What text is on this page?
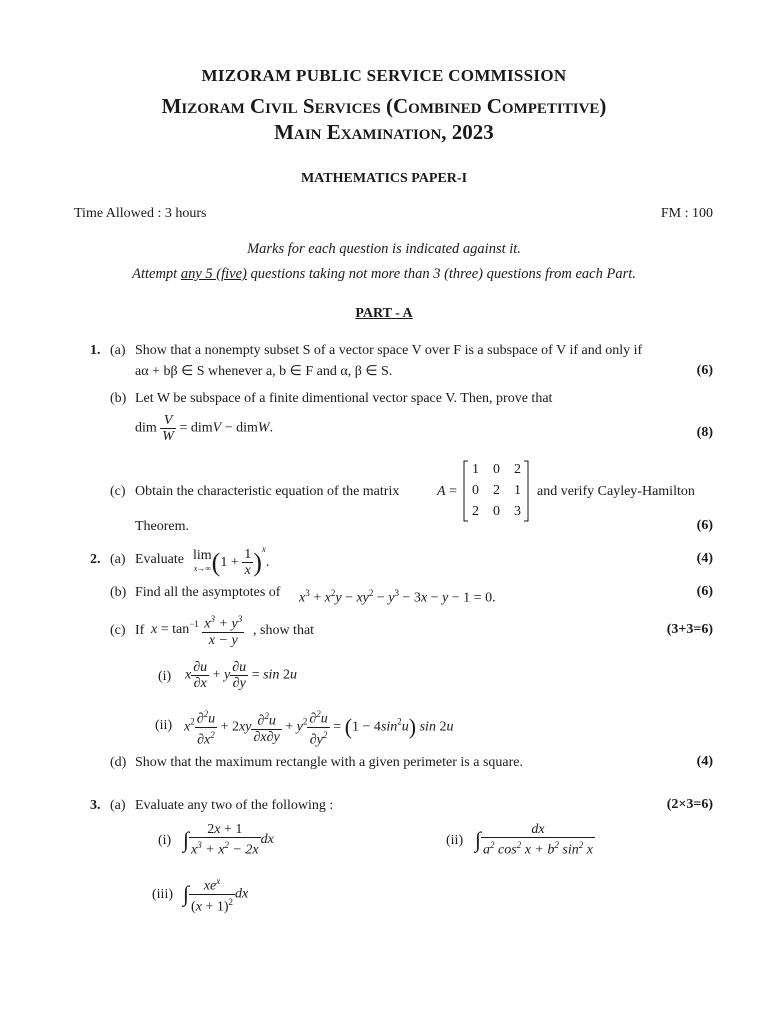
MIZORAM PUBLIC SERVICE COMMISSION
Mizoram Civil Services (Combined Competitive)
Main Examination, 2023
MATHEMATICS PAPER-I
Time Allowed : 3 hours	FM : 100
Marks for each question is indicated against it.
Attempt any 5 (five) questions taking not more than 3 (three) questions from each Part.
PART - A
1. (a) Show that a nonempty subset S of a vector space V over F is a subspace of V if and only if
aα + bβ ∈ S whenever a, b ∈ F and α, β ∈ S.	(6)
(b) Let W be subspace of a finite dimentional vector space V. Then, prove that
dim $\frac{V}{W}$ = dimV − dimW.	(8)
(c) Obtain the characteristic equation of the matrix	A =
1 0 2
0 2 1
2 0 3
and verify Cayley-Hamilton
Theorem.	(6)
2. (a) Evaluate lim
$x\to\infty(1 + \frac{1}{x} )^x$.	(4)
(b) Find all the asymptotes of $x^3 + x^2y - xy^2 - y^3 - 3x - y - 1 = 0$.	(6)
(c) If $x = \tan^{-1} \frac{x^3 + y^3}{x - y}$ , show that	(3+3=6)
(i) x $\frac{\partial u}{\partial x} + y \frac{\partial u}{\partial y} = \sin 2u$
(ii) $x^2 \frac{\partial^2u}{\partial x^2} + 2xy \frac{\partial^2u}{\partial x\partial y} + y^2 \frac{\partial^2u}{\partial y^2} = (1 - 4\sin^2u)$ sin 2u
(d) Show that the maximum rectangle with a given perimeter is a square.	(4)
3. (a) Evaluate any two of the following :	(2×3=6)
(i) ∫ $\frac{2x + 1}{x^3 + x^2 - 2x}$ dx	(ii) ∫ $\frac{dx}{a^2 \cos^2 x + b^2 \sin^2 x}$
(iii) ∫ $\frac{xe^x}{(x + 1)^2}$ dx
